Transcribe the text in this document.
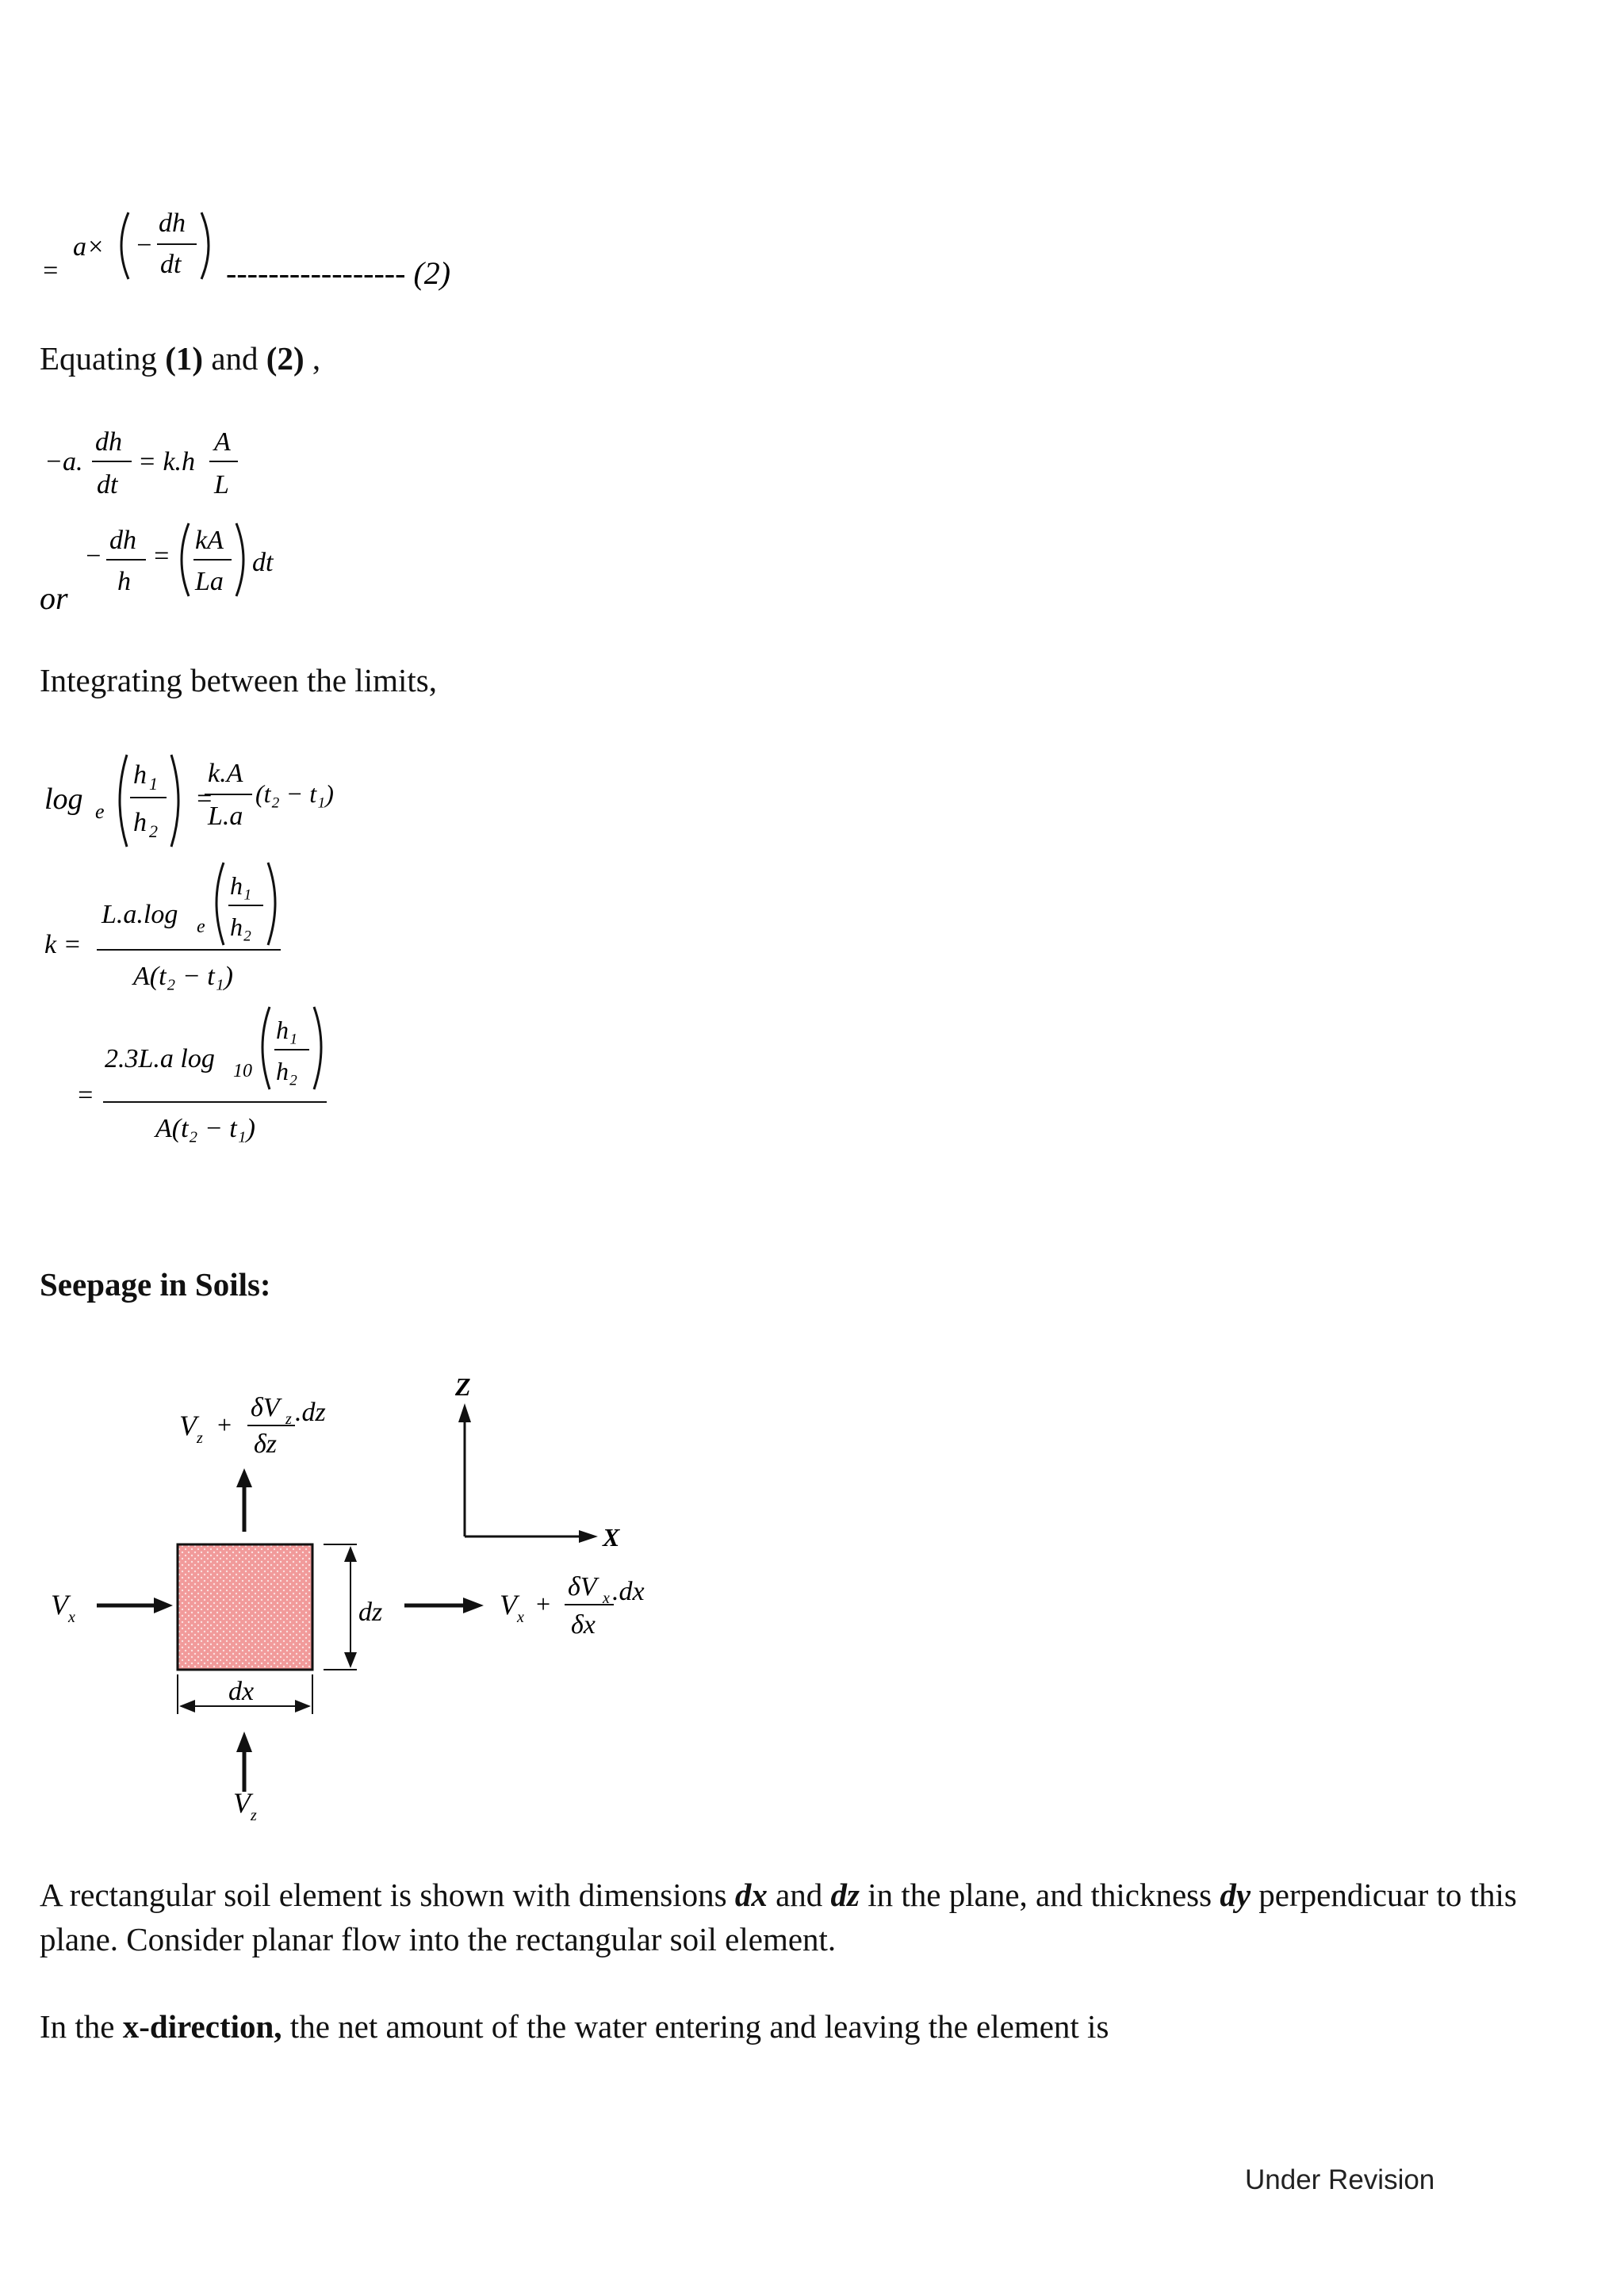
=
a× −
dh
dt ----------------- (2)
Equating (1) and (2) ,
−a.
dh
dt
= k.h
A
L
or
−
dh
h
=
kA
La
dt
Integrating between the limits,
log e
h 1
h 2
=
k.A
L.a
(t₂ − t₁)
k =
L.a.log e
h₁
h₂
A(t₂ − t₁)
=
2.3L.a log 10
h₁
h₂
A(t₂ − t₁)
Seepage in Soils:
V z +
δV z .dz
δz
V x	dz
dx
V z
V x +
δV x .dx
δx
Z
X
A rectangular soil element is shown with dimensions dx and dz in the plane, and thickness dy perpendicuar to this
plane. Consider planar flow into the rectangular soil element.
In the x-direction, the net amount of the water entering and leaving the element is
Under Revision
